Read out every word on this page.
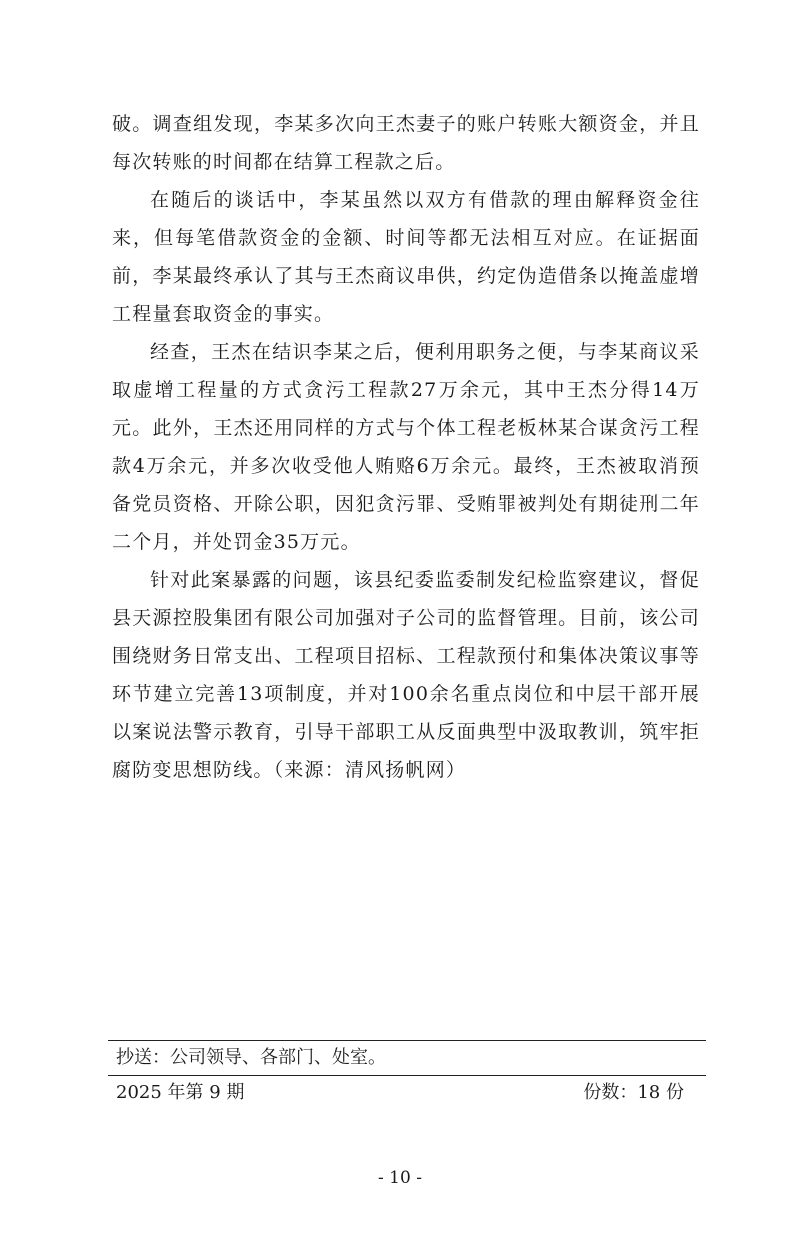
破。调查组发现，李某多次向王杰妻子的账户转账大额资金，并且每次转账的时间都在结算工程款之后。

在随后的谈话中，李某虽然以双方有借款的理由解释资金往来，但每笔借款资金的金额、时间等都无法相互对应。在证据面前，李某最终承认了其与王杰商议串供，约定伪造借条以掩盖虚增工程量套取资金的事实。

经查，王杰在结识李某之后，便利用职务之便，与李某商议采取虚增工程量的方式贪污工程款27万余元，其中王杰分得14万元。此外，王杰还用同样的方式与个体工程老板林某合谋贪污工程款4万余元，并多次收受他人贿赂6万余元。最终，王杰被取消预备党员资格、开除公职，因犯贪污罪、受贿罪被判处有期徒刑二年二个月，并处罚金35万元。

针对此案暴露的问题，该县纪委监委制发纪检监察建议，督促县天源控股集团有限公司加强对子公司的监督管理。目前，该公司围绕财务日常支出、工程项目招标、工程款预付和集体决策议事等环节建立完善13项制度，并对100余名重点岗位和中层干部开展以案说法警示教育，引导干部职工从反面典型中汲取教训，筑牢拒腐防变思想防线。（来源：清风扬帆网）

抄送：公司领导、各部门、处室。
2025 年第 9 期	份数：18 份
- 10 -
